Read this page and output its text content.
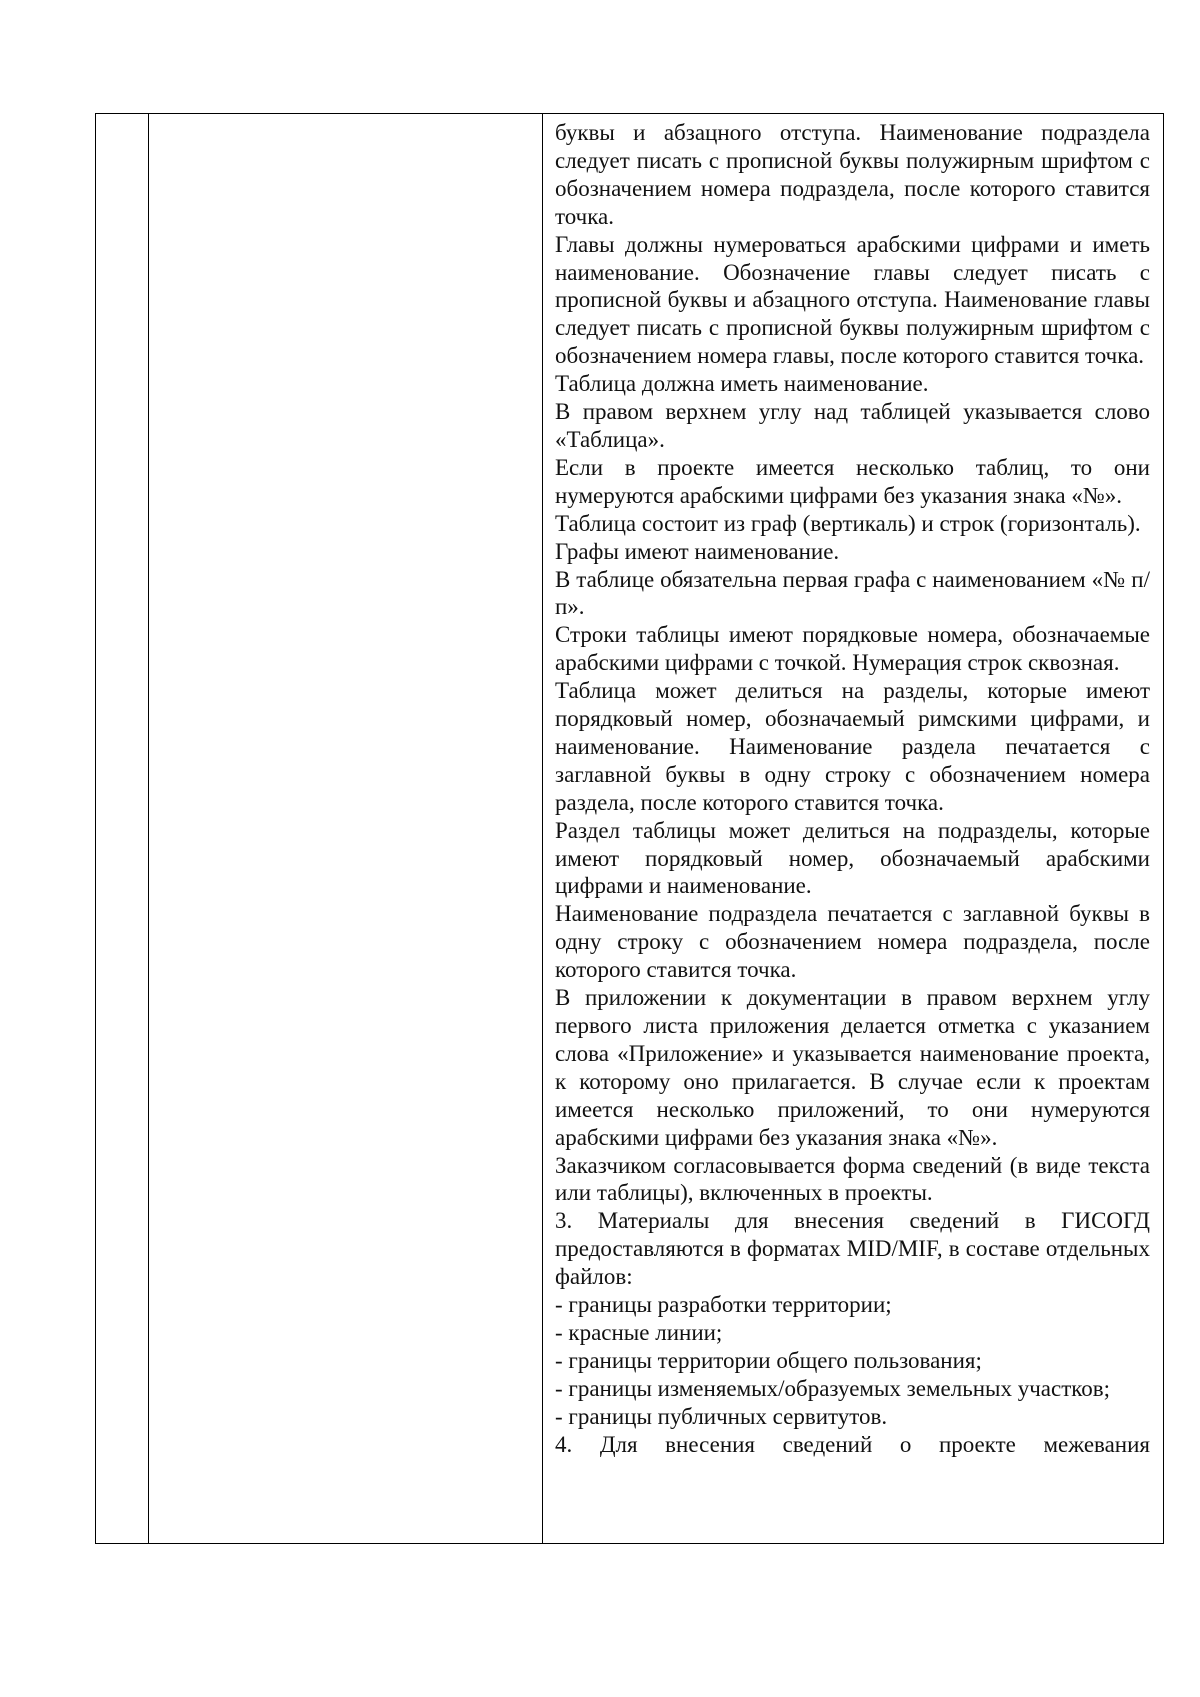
буквы и абзацного отступа. Наименование подраздела следует писать с прописной буквы полужирным шрифтом с обозначением номера подраздела, после которого ставится точка.

Главы должны нумероваться арабскими цифрами и иметь наименование. Обозначение главы следует писать с прописной буквы и абзацного отступа. Наименование главы следует писать с прописной буквы полужирным шрифтом с обозначением номера главы, после которого ставится точка.

Таблица должна иметь наименование.

В правом верхнем углу над таблицей указывается слово «Таблица».

Если в проекте имеется несколько таблиц, то они нумеруются арабскими цифрами без указания знака «№».

Таблица состоит из граф (вертикаль) и строк (горизонталь).

Графы имеют наименование.

В таблице обязательна первая графа с наименованием «№ п/п».

Строки таблицы имеют порядковые номера, обозначаемые арабскими цифрами с точкой. Нумерация строк сквозная.

Таблица может делиться на разделы, которые имеют порядковый номер, обозначаемый римскими цифрами, и наименование. Наименование раздела печатается с заглавной буквы в одну строку с обозначением номера раздела, после которого ставится точка.

Раздел таблицы может делиться на подразделы, которые имеют порядковый номер, обозначаемый арабскими цифрами и наименование.

Наименование подраздела печатается с заглавной буквы в одну строку с обозначением номера подраздела, после которого ставится точка.

В приложении к документации в правом верхнем углу первого листа приложения делается отметка с указанием слова «Приложение» и указывается наименование проекта, к которому оно прилагается. В случае если к проектам имеется несколько приложений, то они нумеруются арабскими цифрами без указания знака «№».

Заказчиком согласовывается форма сведений (в виде текста или таблицы), включенных в проекты.

3. Материалы для внесения сведений в ГИСОГД предоставляются в форматах MID/MIF, в составе отдельных файлов:

- границы разработки территории;

- красные линии;

- границы территории общего пользования;

- границы изменяемых/образуемых земельных участков;

- границы публичных сервитутов.

4. Для внесения сведений о проекте межевания
